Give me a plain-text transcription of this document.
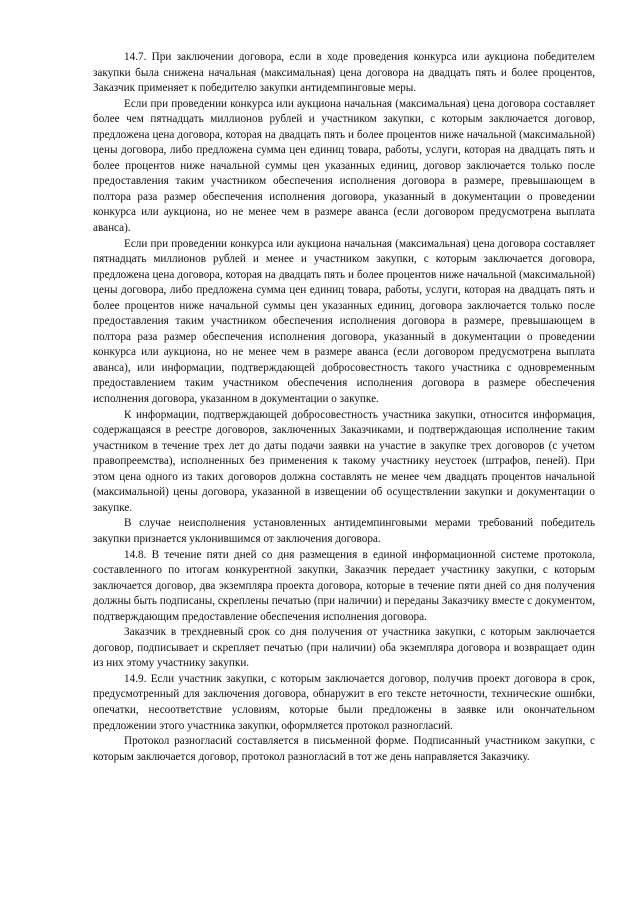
14.7. При заключении договора, если в ходе проведения конкурса или аукциона победителем закупки была снижена начальная (максимальная) цена договора на двадцать пять и более процентов, Заказчик применяет к победителю закупки антидемпинговые меры.

Если при проведении конкурса или аукциона начальная (максимальная) цена договора составляет более чем пятнадцать миллионов рублей и участником закупки, с которым заключается договор, предложена цена договора, которая на двадцать пять и более процентов ниже начальной (максимальной) цены договора, либо предложена сумма цен единиц товара, работы, услуги, которая на двадцать пять и более процентов ниже начальной суммы цен указанных единиц, договор заключается только после предоставления таким участником обеспечения исполнения договора в размере, превышающем в полтора раза размер обеспечения исполнения договора, указанный в документации о проведении конкурса или аукциона, но не менее чем в размере аванса (если договором предусмотрена выплата аванса).

Если при проведении конкурса или аукциона начальная (максимальная) цена договора составляет пятнадцать миллионов рублей и менее и участником закупки, с которым заключается договора, предложена цена договора, которая на двадцать пять и более процентов ниже начальной (максимальной) цены договора, либо предложена сумма цен единиц товара, работы, услуги, которая на двадцать пять и более процентов ниже начальной суммы цен указанных единиц, договора заключается только после предоставления таким участником обеспечения исполнения договора в размере, превышающем в полтора раза размер обеспечения исполнения договора, указанный в документации о проведении конкурса или аукциона, но не менее чем в размере аванса (если договором предусмотрена выплата аванса), или информации, подтверждающей добросовестность такого участника с одновременным предоставлением таким участником обеспечения исполнения договора в размере обеспечения исполнения договора, указанном в документации о закупке.

К информации, подтверждающей добросовестность участника закупки, относится информация, содержащаяся в реестре договоров, заключенных Заказчиками, и подтверждающая исполнение таким участником в течение трех лет до даты подачи заявки на участие в закупке трех договоров (с учетом правопреемства), исполненных без применения к такому участнику неустоек (штрафов, пеней). При этом цена одного из таких договоров должна составлять не менее чем двадцать процентов начальной (максимальной) цены договора, указанной в извещении об осуществлении закупки и документации о закупке.

В случае неисполнения установленных антидемпинговыми мерами требований победитель закупки признается уклонившимся от заключения договора.

14.8. В течение пяти дней со дня размещения в единой информационной системе протокола, составленного по итогам конкурентной закупки, Заказчик передает участнику закупки, с которым заключается договор, два экземпляра проекта договора, которые в течение пяти дней со дня получения должны быть подписаны, скреплены печатью (при наличии) и переданы Заказчику вместе с документом, подтверждающим предоставление обеспечения исполнения договора.

Заказчик в трехдневный срок со дня получения от участника закупки, с которым заключается договор, подписывает и скрепляет печатью (при наличии) оба экземпляра договора и возвращает один из них этому участнику закупки.

14.9. Если участник закупки, с которым заключается договор, получив проект договора в срок, предусмотренный для заключения договора, обнаружит в его тексте неточности, технические ошибки, опечатки, несоответствие условиям, которые были предложены в заявке или окончательном предложении этого участника закупки, оформляется протокол разногласий.

Протокол разногласий составляется в письменной форме. Подписанный участником закупки, с которым заключается договор, протокол разногласий в тот же день направляется Заказчику.
